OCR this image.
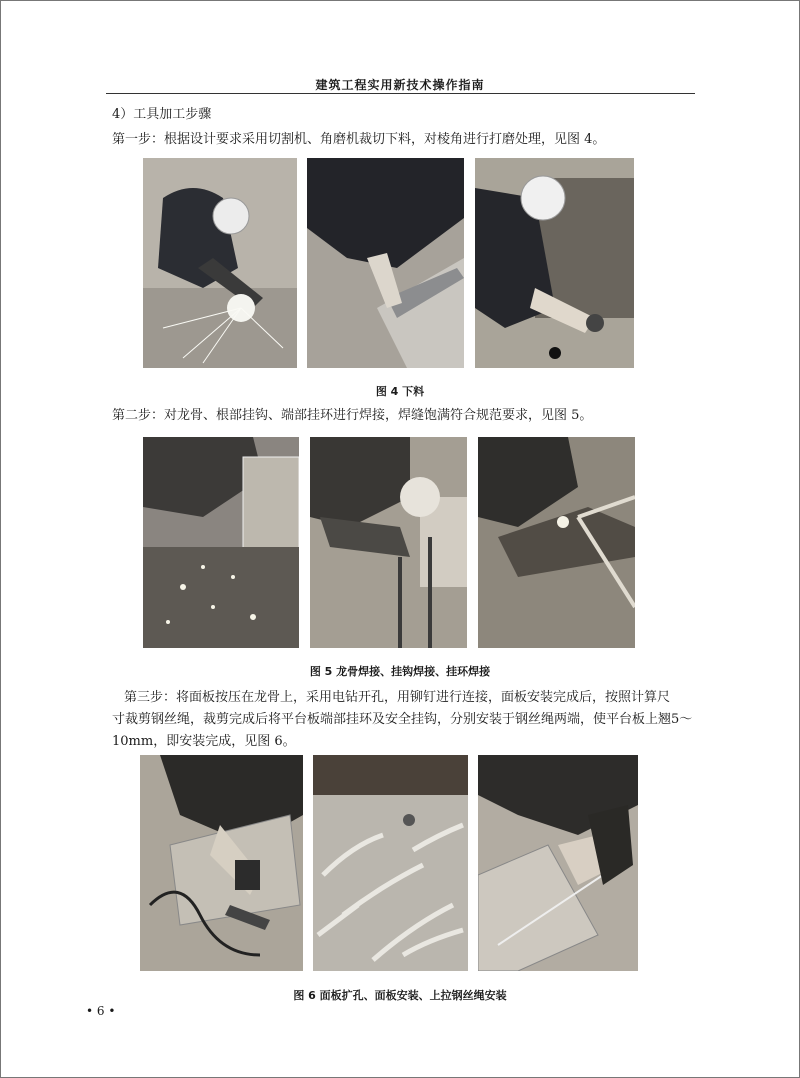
建筑工程实用新技术操作指南
4）工具加工步骤
第一步：根据设计要求采用切割机、角磨机裁切下料，对棱角进行打磨处理，见图 4。
图 4 下料
第二步：对龙骨、根部挂钩、端部挂环进行焊接，焊缝饱满符合规范要求，见图 5。
图 5 龙骨焊接、挂钩焊接、挂环焊接
第三步：将面板按压在龙骨上，采用电钻开孔，用铆钉进行连接，面板安装完成后，按照计算尺
寸裁剪钢丝绳，裁剪完成后将平台板端部挂环及安全挂钩，分别安装于钢丝绳两端，使平台板上翘5～
10mm，即安装完成，见图 6。
图 6 面板扩孔、面板安装、上拉钢丝绳安装
• 6 •
